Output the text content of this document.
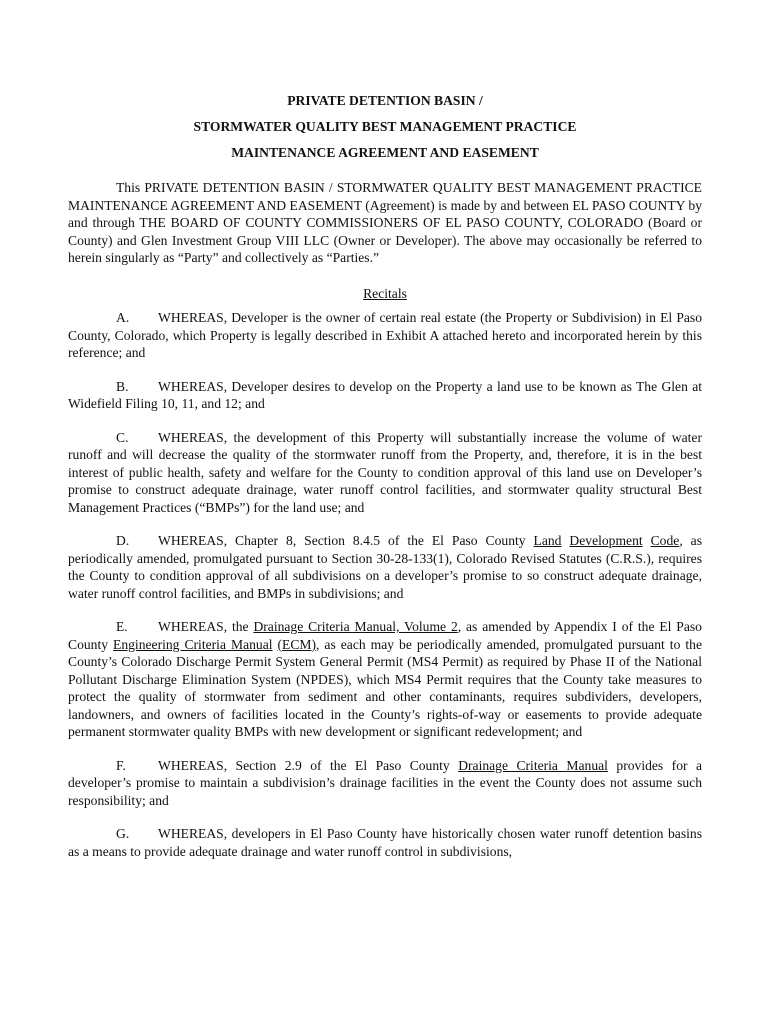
PRIVATE DETENTION BASIN /
STORMWATER QUALITY BEST MANAGEMENT PRACTICE
MAINTENANCE AGREEMENT AND EASEMENT

This PRIVATE DETENTION BASIN / STORMWATER QUALITY BEST MANAGEMENT PRACTICE MAINTENANCE AGREEMENT AND EASEMENT (Agreement) is made by and between EL PASO COUNTY by and through THE BOARD OF COUNTY COMMISSIONERS OF EL PASO COUNTY, COLORADO (Board or County) and Glen Investment Group VIII LLC (Owner or Developer). The above may occasionally be referred to herein singularly as “Party” and collectively as “Parties.”

Recitals

A. WHEREAS, Developer is the owner of certain real estate (the Property or Subdivision) in El Paso County, Colorado, which Property is legally described in Exhibit A attached hereto and incorporated herein by this reference; and

B. WHEREAS, Developer desires to develop on the Property a land use to be known as The Glen at Widefield Filing 10, 11, and 12; and

C. WHEREAS, the development of this Property will substantially increase the volume of water runoff and will decrease the quality of the stormwater runoff from the Property, and, therefore, it is in the best interest of public health, safety and welfare for the County to condition approval of this land use on Developer’s promise to construct adequate drainage, water runoff control facilities, and stormwater quality structural Best Management Practices (“BMPs”) for the land use; and

D. WHEREAS, Chapter 8, Section 8.4.5 of the El Paso County Land Development Code, as periodically amended, promulgated pursuant to Section 30-28-133(1), Colorado Revised Statutes (C.R.S.), requires the County to condition approval of all subdivisions on a developer’s promise to so construct adequate drainage, water runoff control facilities, and BMPs in subdivisions; and

E. WHEREAS, the Drainage Criteria Manual, Volume 2, as amended by Appendix I of the El Paso County Engineering Criteria Manual (ECM), as each may be periodically amended, promulgated pursuant to the County’s Colorado Discharge Permit System General Permit (MS4 Permit) as required by Phase II of the National Pollutant Discharge Elimination System (NPDES), which MS4 Permit requires that the County take measures to protect the quality of stormwater from sediment and other contaminants, requires subdividers, developers, landowners, and owners of facilities located in the County’s rights-of-way or easements to provide adequate permanent stormwater quality BMPs with new development or significant redevelopment; and

F. WHEREAS, Section 2.9 of the El Paso County Drainage Criteria Manual provides for a developer’s promise to maintain a subdivision’s drainage facilities in the event the County does not assume such responsibility; and

G. WHEREAS, developers in El Paso County have historically chosen water runoff detention basins as a means to provide adequate drainage and water runoff control in subdivisions,
